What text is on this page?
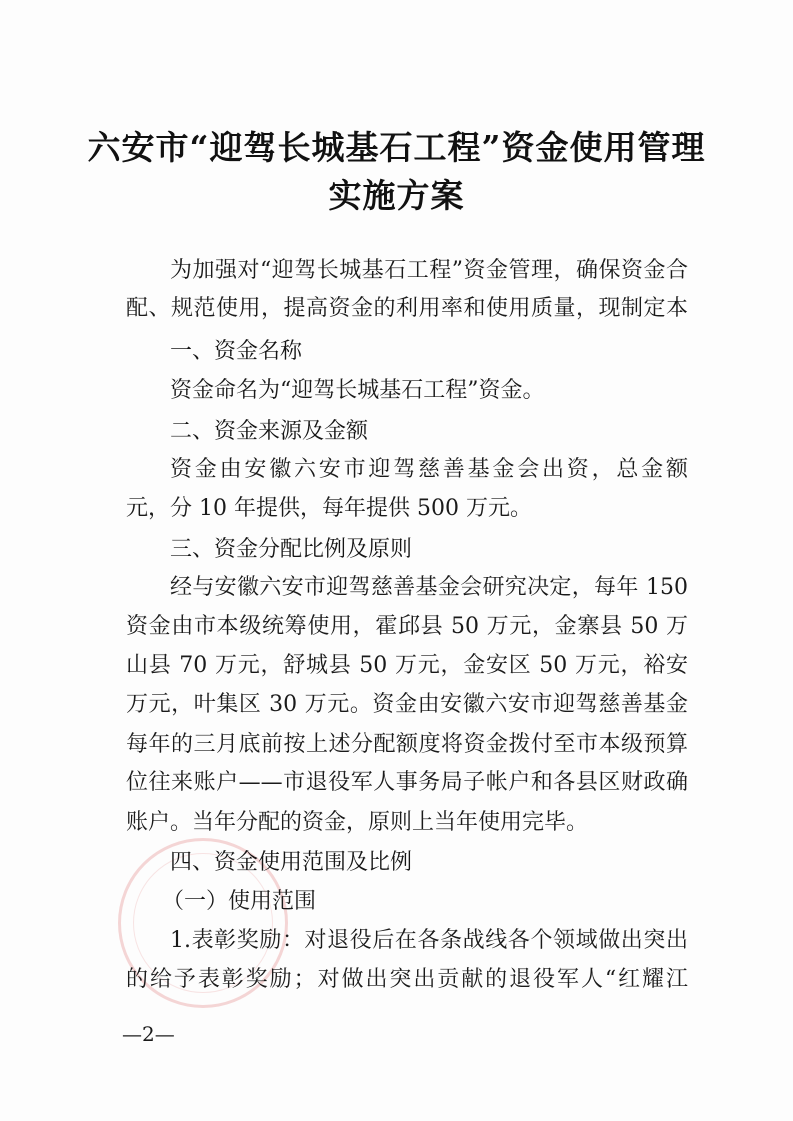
六安市“迎驾长城基石工程”资金使用管理
实施方案
为加强对“迎驾长城基石工程”资金管理，确保资金合
配、规范使用，提高资金的利用率和使用质量，现制定本
一、资金名称
资金命名为“迎驾长城基石工程”资金。
二、资金来源及金额
资金由安徽六安市迎驾慈善基金会出资，总金额
元，分 10 年提供，每年提供 500 万元。
三、资金分配比例及原则
经与安徽六安市迎驾慈善基金会研究决定，每年 150
资金由市本级统筹使用，霍邱县 50 万元，金寨县 50 万
山县 70 万元，舒城县 50 万元，金安区 50 万元，裕安
万元，叶集区 30 万元。资金由安徽六安市迎驾慈善基金
每年的三月底前按上述分配额度将资金拨付至市本级预算
位往来账户——市退役军人事务局子帐户和各县区财政确
账户。当年分配的资金，原则上当年使用完毕。
四、资金使用范围及比例
（一）使用范围
1.表彰奖励：对退役后在各条战线各个领域做出突出
的给予表彰奖励；对做出突出贡献的退役军人“红耀江
—2—
